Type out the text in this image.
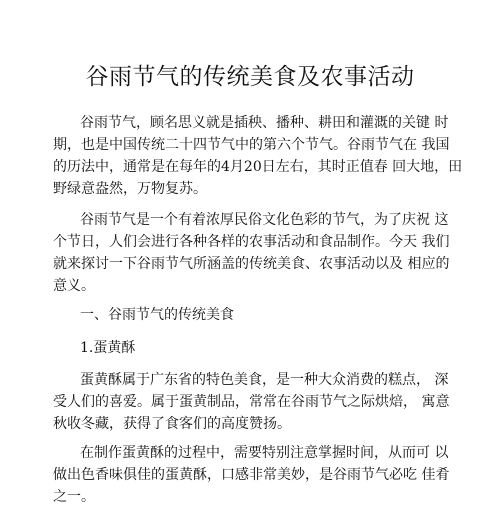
谷雨节气的传统美食及农事活动
谷雨节气，顾名思义就是插秧、播种、耕田和灌溉的关键 时
期，也是中国传统二十四节气中的第六个节气。谷雨节气在 我国
的历法中，通常是在每年的4月20日左右，其时正值春 回大地，田
野绿意盎然，万物复苏。
谷雨节气是一个有着浓厚民俗文化色彩的节气，为了庆祝 这
个节日，人们会进行各种各样的农事活动和食品制作。今天 我们
就来探讨一下谷雨节气所涵盖的传统美食、农事活动以及 相应的
意义。
一、谷雨节气的传统美食
1.蛋黄酥
蛋黄酥属于广东省的特色美食，是一种大众消费的糕点， 深
受人们的喜爱。属于蛋黄制品，常常在谷雨节气之际烘焙， 寓意
秋收冬藏，获得了食客们的高度赞扬。
在制作蛋黄酥的过程中，需要特别注意掌握时间，从而可 以
做出色香味俱佳的蛋黄酥，口感非常美妙，是谷雨节气必吃 佳肴
之一。
